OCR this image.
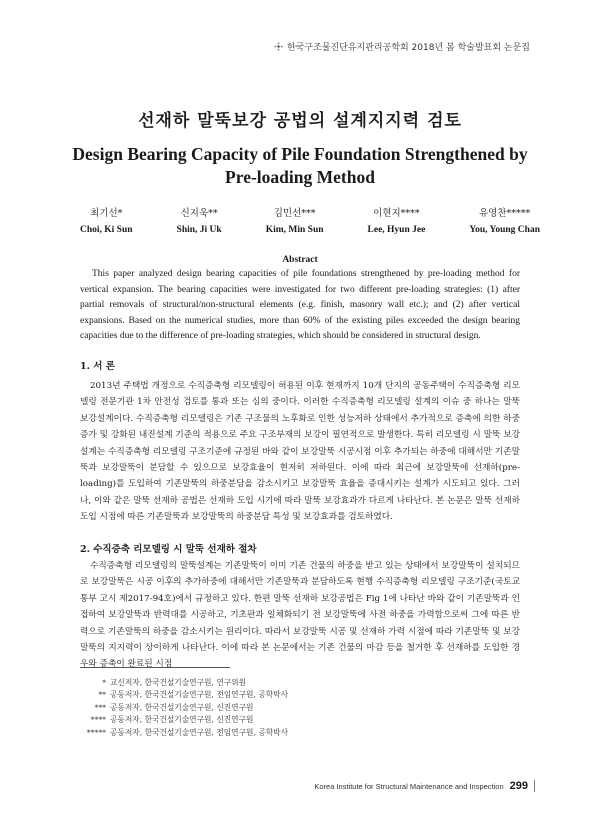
한국구조물진단유지관리공학회 2018년 봄 학술발표회 논문집
선재하 말뚝보강 공법의 설계지지력 검토
Design Bearing Capacity of Pile Foundation Strengthened by Pre-loading Method
최기선*
Choi, Ki Sun
신지욱**
Shin, Ji Uk
김민선***
Kim, Min Sun
이현지****
Lee, Hyun Jee
유영찬*****
You, Young Chan
Abstract
This paper analyzed design bearing capacities of pile foundations strengthened by pre-loading method for vertical expansion. The bearing capacities were investigated for two different pre-loading strategies: (1) after partial removals of structural/non-structural elements (e.g. finish, masonry wall etc.); and (2) after vertical expansions. Based on the numerical studies, more than 60% of the existing piles exceeded the design bearing capacities due to the difference of pre-loading strategies, which should be considered in structural design.
1. 서 론
2013년 주택법 개정으로 수직증축형 리모델링이 허용된 이후 현재까지 10개 단지의 공동주택이 수직증축형 리모델링 전문기관 1차 안전성 검토를 통과 또는 심의 중이다. 이러한 수직증축형 리모델링 설계의 이슈 중 하나는 말뚝 보강설계이다. 수직증축형 리모델링은 기존 구조물의 노후화로 인한 성능저하 상태에서 추가적으로 증축에 의한 하중증가 및 강화된 내진설계 기준의 적용으로 주요 구조부재의 보강이 필연적으로 발생한다. 특히 리모델링 시 말뚝 보강설계는 수직증축형 리모델링 구조기준에 규정된 바와 같이 보강말뚝 시공시점 이후 추가되는 하중에 대해서만 기존말뚝과 보강말뚝이 분담할 수 있으므로 보강효율이 현저히 저하된다. 이에 따라 최근에 보강말뚝에 선재하(pre-loading)를 도입하여 기존말뚝의 하중분담을 감소시키고 보강말뚝 효율을 증대시키는 설계가 시도되고 있다. 그러나, 이와 같은 말뚝 선재하 공법은 선재하 도입 시기에 따라 말뚝 보강효과가 다르게 나타난다. 본 논문은 말뚝 선재하 도입 시점에 따른 기존말뚝과 보강말뚝의 하중분담 특성 및 보강효과를 검토하였다.
2. 수직증축 리모델링 시 말뚝 선재하 절차
수직증축형 리모델링의 말뚝설계는 기존말뚝이 이미 기존 건물의 하중을 받고 있는 상태에서 보강말뚝이 설치되므로 보강말뚝은 시공 이후의 추가하중에 대해서만 기존말뚝과 분담하도록 현행 수직증축형 리모델링 구조기준(국토교통부 고시 제2017-94호)에서 규정하고 있다. 한편 말뚝 선재하 보강공법은 Fig 1에 나타난 바와 같이 기존말뚝과 인접하여 보강말뚝과 반력대를 시공하고, 기초판과 일체화되기 전 보강말뚝에 사전 하중을 가력함으로써 그에 따른 반력으로 기존말뚝의 하중을 감소시키는 원리이다. 따라서 보강말뚝 시공 및 선재하 가력 시점에 따라 기존말뚝 및 보강말뚝의 지지력이 상이하게 나타난다. 이에 따라 본 논문에서는 기존 건물의 마감 등을 철거한 후 선재하를 도입한 경우와 증축이 완료된 시점
* 교신저자, 한국건설기술연구원, 연구위원
** 공동저자, 한국건설기술연구원, 전임연구원, 공학박사
*** 공동저자, 한국건설기술연구원, 신진연구원
**** 공동저자, 한국건설기술연구원, 신진연구원
***** 공동저자, 한국건설기술연구원, 전임연구원, 공학박사
Korea Institute for Structural Maintenance and Inspection 299
